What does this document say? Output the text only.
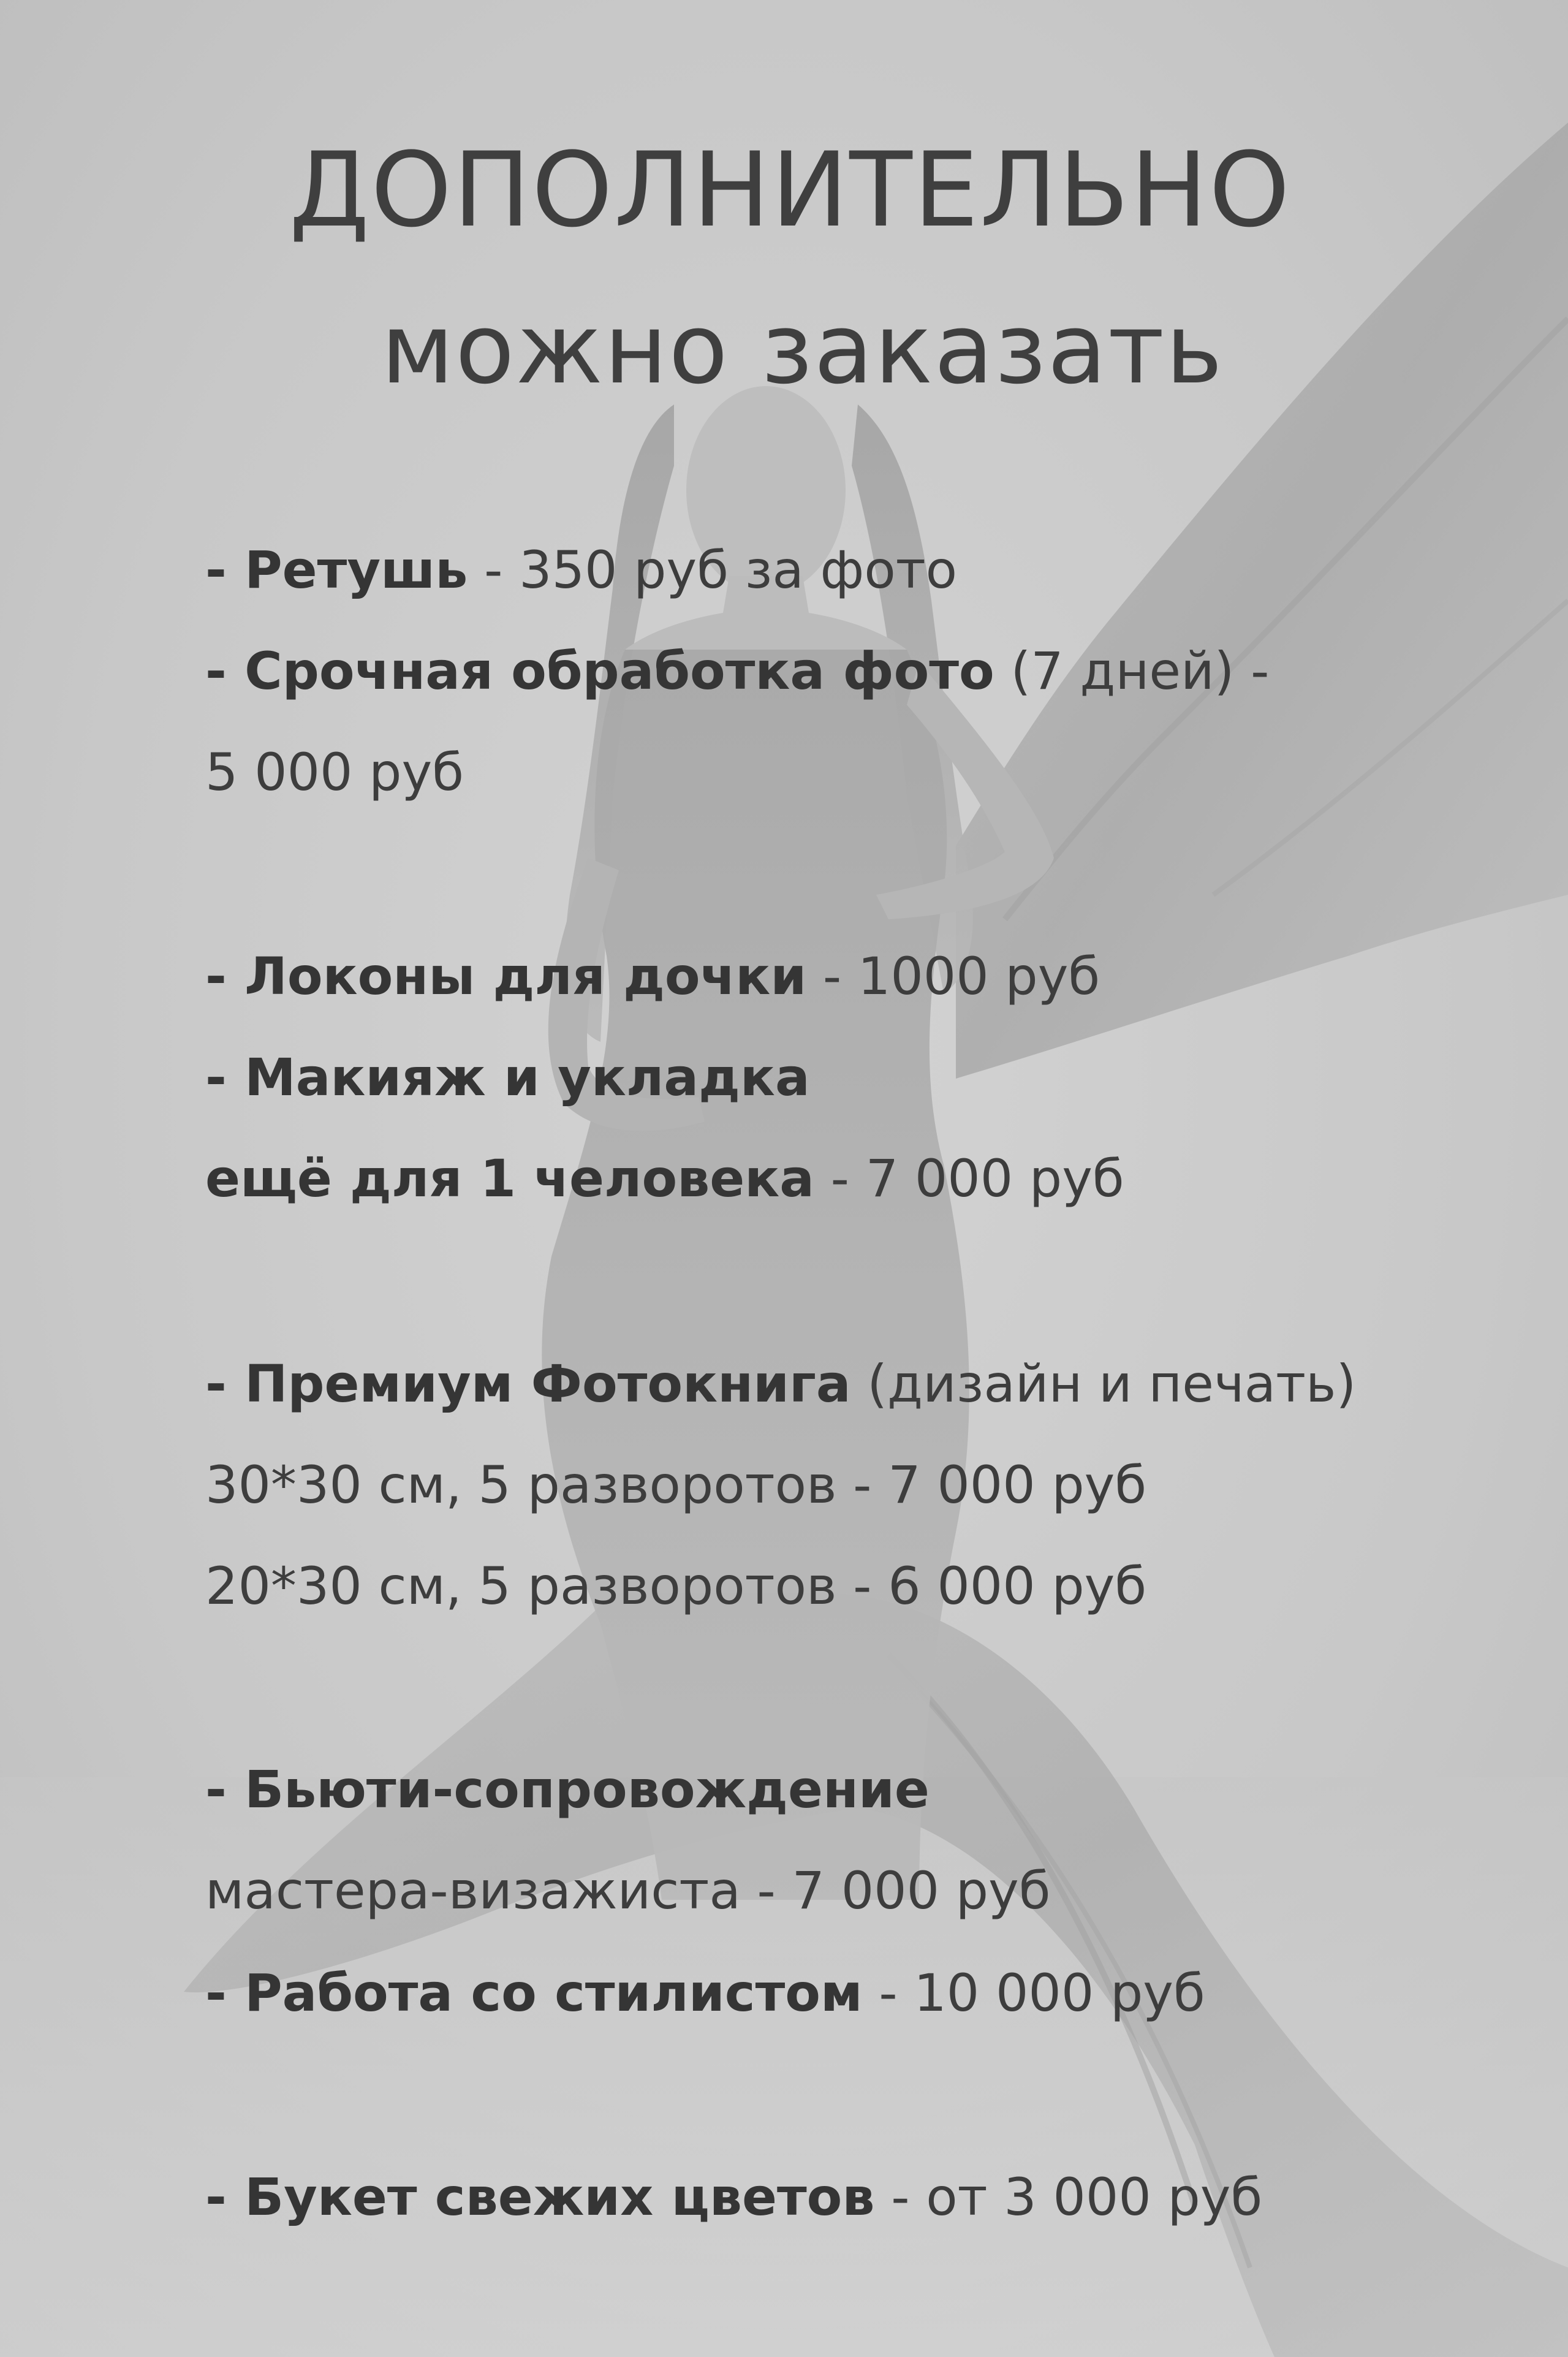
ДОПОЛНИТЕЛЬНО
можно заказать
- Ретушь - 350 руб за фото
- Срочная обработка фото (7 дней) -
5 000 руб
- Локоны для дочки - 1000 руб
- Макияж и укладка
ещё для 1 человека - 7 000 руб
- Премиум Фотокнига (дизайн и печать)
30*30 см, 5 разворотов - 7 000 руб
20*30 см, 5 разворотов - 6 000 руб
- Бьюти-сопровождение
мастера-визажиста - 7 000 руб
- Работа со стилистом - 10 000 руб
- Букет свежих цветов - от 3 000 руб
